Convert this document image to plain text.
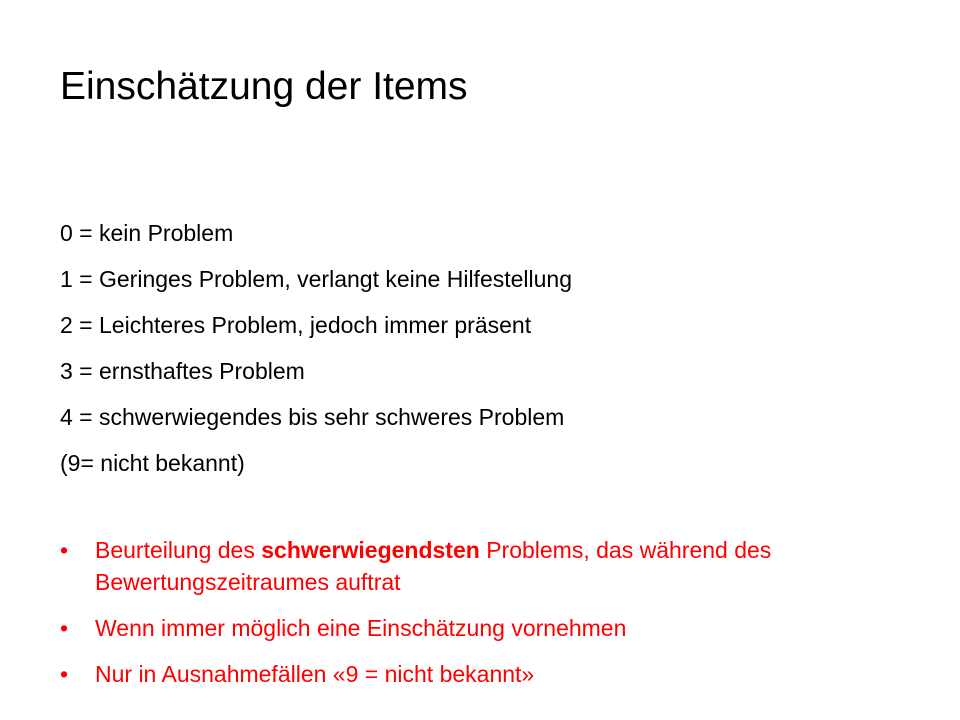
Einschätzung der Items
0 = kein Problem
1 = Geringes Problem, verlangt keine Hilfestellung
2 = Leichteres Problem, jedoch immer präsent
3 = ernsthaftes Problem
4 = schwerwiegendes bis sehr schweres Problem
(9= nicht bekannt)
•	Beurteilung des schwerwiegendsten Problems, das während des Bewertungszeitraumes auftrat
•	Wenn immer möglich eine Einschätzung vornehmen
•	Nur in Ausnahmefällen «9 = nicht bekannt»
